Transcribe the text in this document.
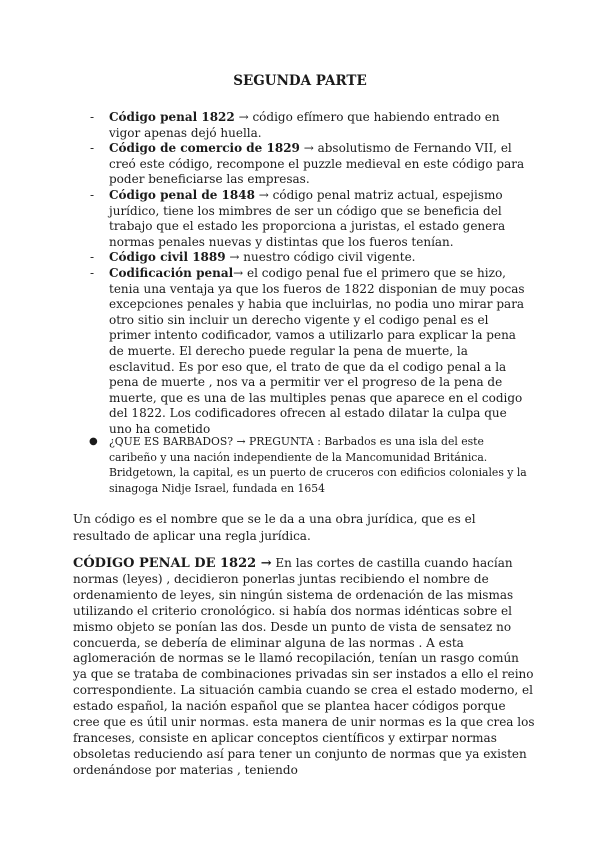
SEGUNDA PARTE
- Código penal 1822 → código efímero que habiendo entrado en vigor apenas dejó huella.
- Código de comercio de 1829 → absolutismo de Fernando VII, el creó este código, recompone el puzzle medieval en este código para poder beneficiarse las empresas.
- Código penal de 1848 → código penal matriz actual, espejismo jurídico, tiene los mimbres de ser un código que se beneficia del trabajo que el estado les proporciona a juristas, el estado genera normas penales nuevas y distintas que los fueros tenían.
- Código civil 1889 → nuestro código civil vigente.
- Codificación penal→ el codigo penal fue el primero que se hizo, tenia una ventaja ya que los fueros de 1822 disponian de muy pocas excepciones penales y habia que incluirlas, no podia uno mirar para otro sitio sin incluir un derecho vigente y el codigo penal es el primer intento codificador, vamos a utilizarlo para explicar la pena de muerte. El derecho puede regular la pena de muerte, la esclavitud. Es por eso que, el trato de que da el codigo penal a la pena de muerte , nos va a permitir ver el progreso de la pena de muerte, que es una de las multiples penas que aparece en el codigo del 1822. Los codificadores ofrecen al estado dilatar la culpa que uno ha cometido
● ¿QUE ES BARBADOS? → PREGUNTA : Barbados es una isla del este caribeño y una nación independiente de la Mancomunidad Británica. Bridgetown, la capital, es un puerto de cruceros con edificios coloniales y la sinagoga Nidje Israel, fundada en 1654
Un código es el nombre que se le da a una obra jurídica, que es el resultado de aplicar una regla jurídica.
CÓDIGO PENAL DE 1822 → En las cortes de castilla cuando hacían normas (leyes) , decidieron ponerlas juntas recibiendo el nombre de ordenamiento de leyes, sin ningún sistema de ordenación de las mismas utilizando el criterio cronológico. si había dos normas idénticas sobre el mismo objeto se ponían las dos. Desde un punto de vista de sensatez no concuerda, se debería de eliminar alguna de las normas . A esta aglomeración de normas se le llamó recopilación, tenían un rasgo común ya que se trataba de combinaciones privadas sin ser instados a ello el reino correspondiente. La situación cambia cuando se crea el estado moderno, el estado español, la nación español que se plantea hacer códigos porque cree que es útil unir normas. esta manera de unir normas es la que crea los franceses, consiste en aplicar conceptos científicos y extirpar normas obsoletas reduciendo así para tener un conjunto de normas que ya existen ordenándose por materias , teniendo
